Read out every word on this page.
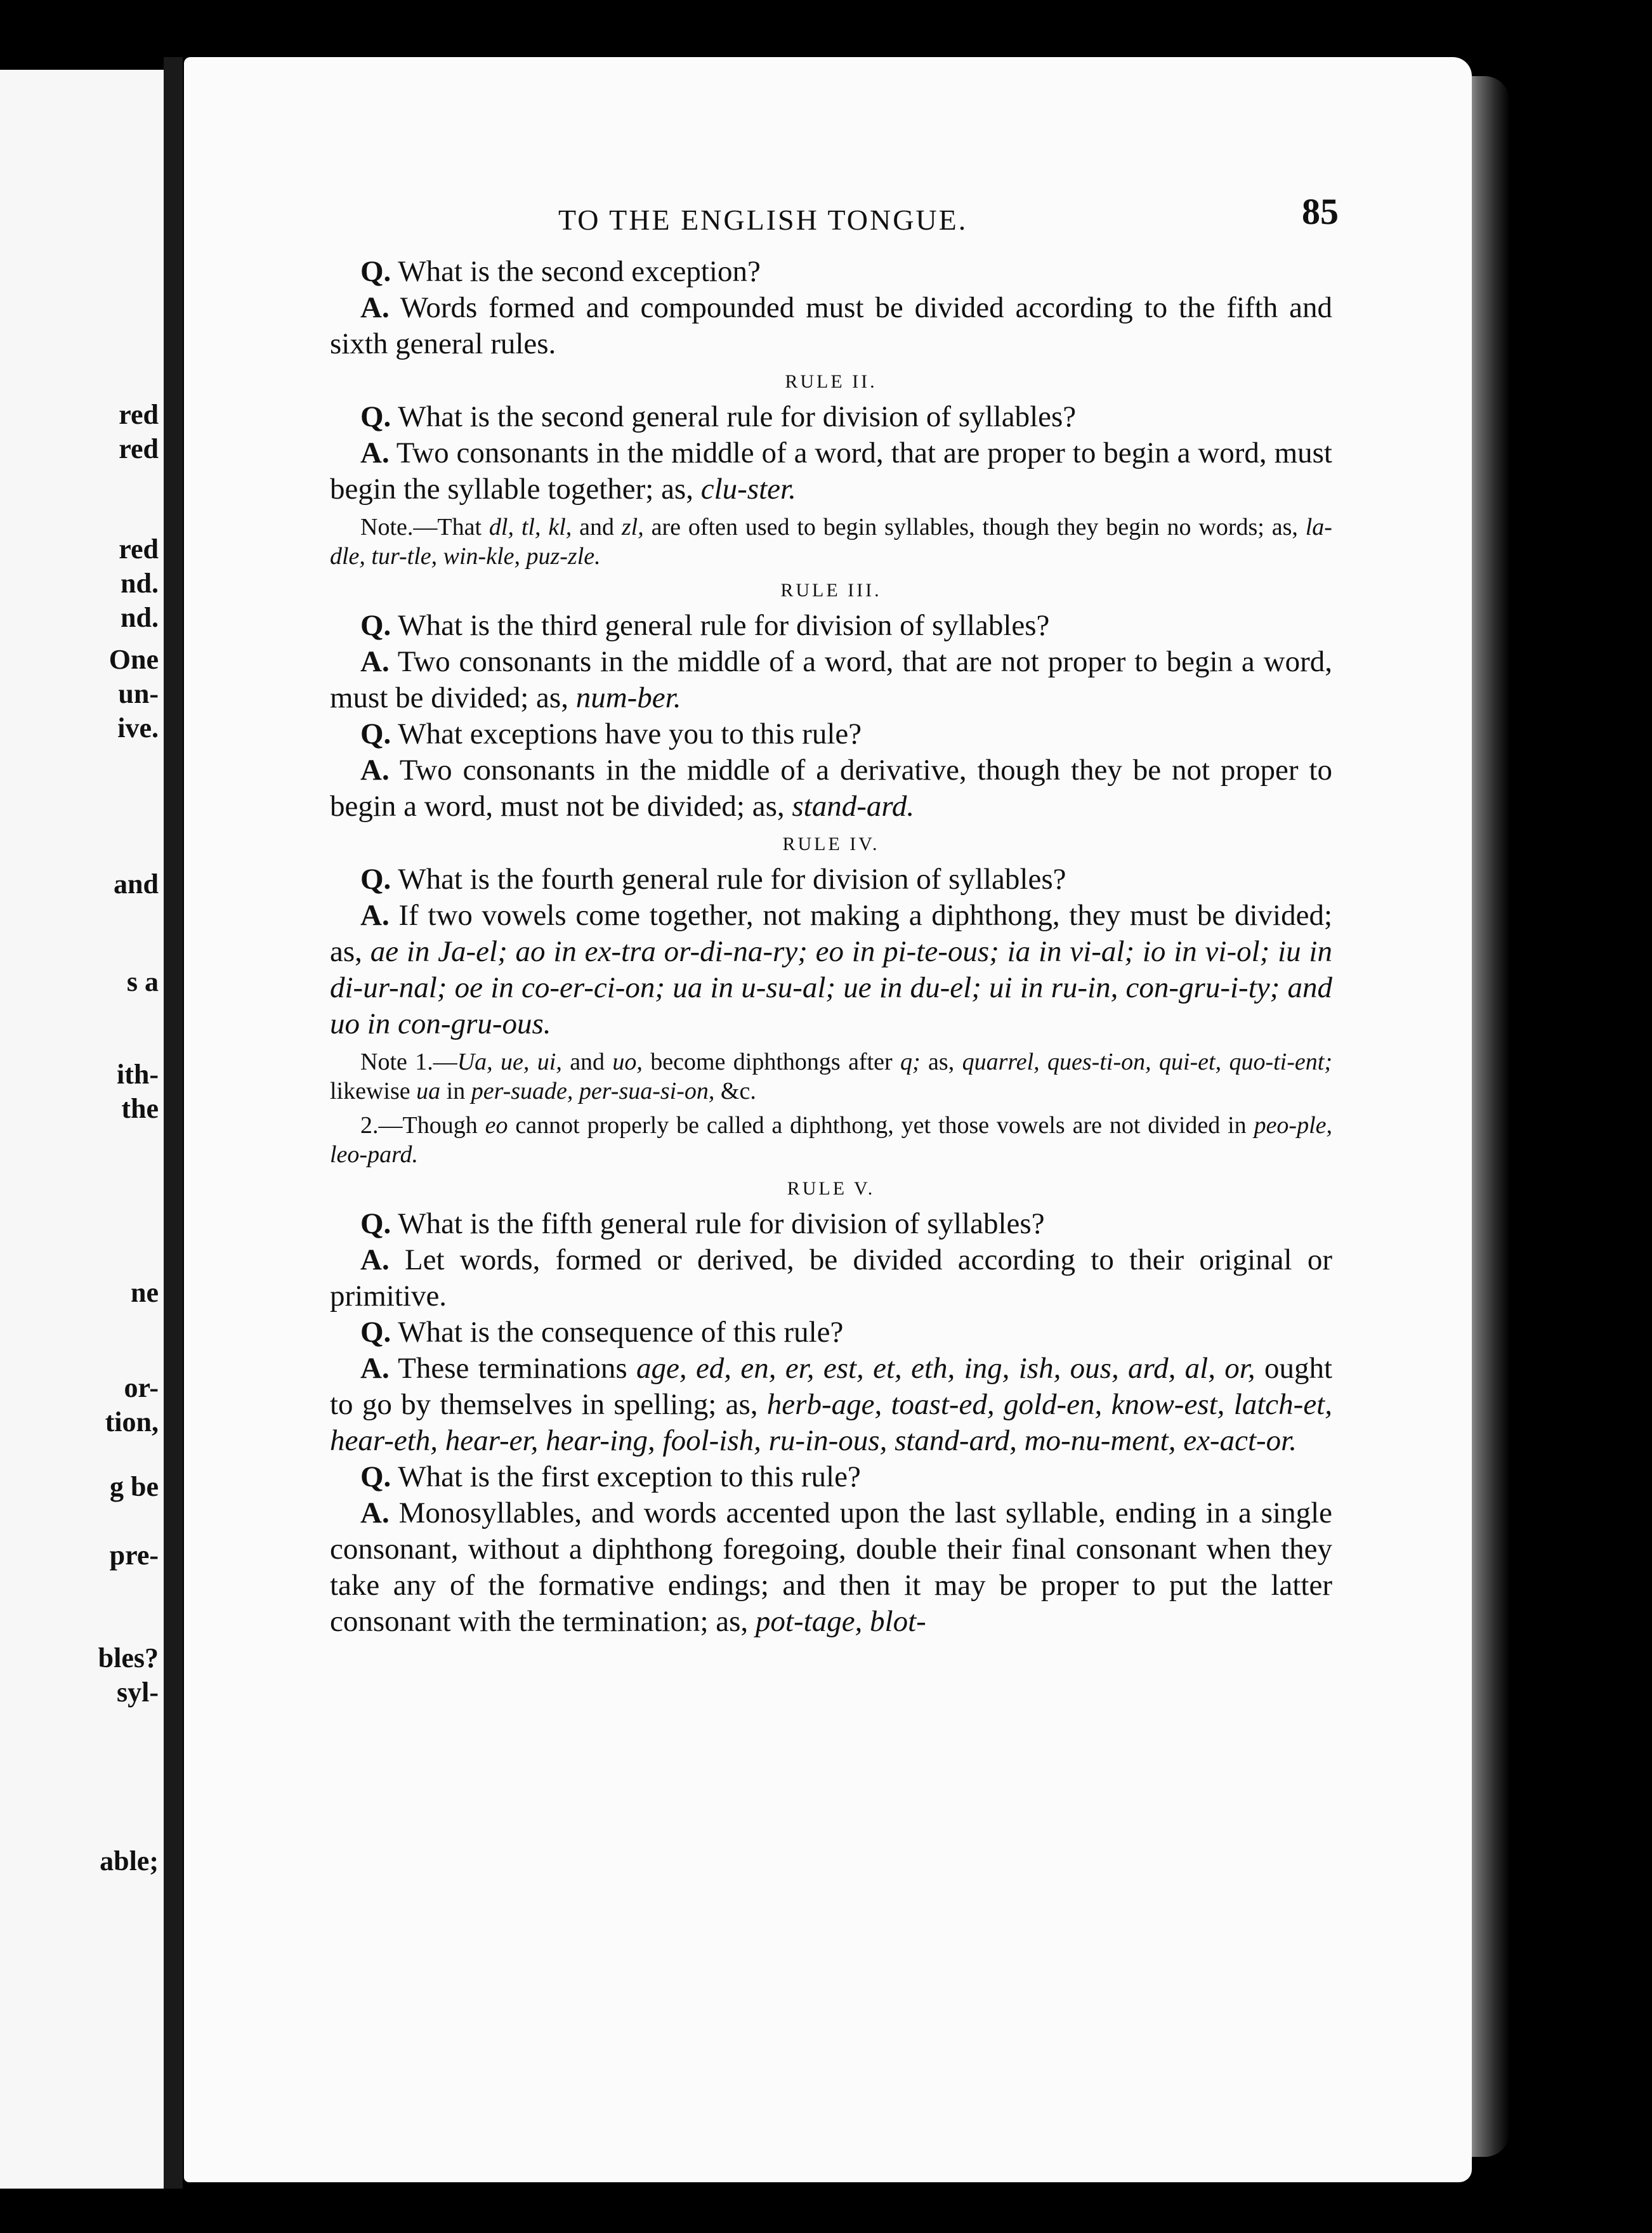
red
red
red
nd.
nd.
One
un-
ive.
and
s a
ith-
the
ne
or-
tion,
g be
pre-
bles?
syl-
able;
TO THE ENGLISH TONGUE.	85

Q. What is the second exception?

A. Words formed and compounded must be divided according to the fifth and sixth general rules.

RULE II.

Q. What is the second general rule for division of syllables?

A. Two consonants in the middle of a word, that are proper to begin a word, must begin the syllable together; as, clu-ster.

Note.—That dl, tl, kl, and zl, are often used to begin syllables, though they begin no words; as, la-dle, tur-tle, win-kle, puz-zle.

RULE III.

Q. What is the third general rule for division of syllables?

A. Two consonants in the middle of a word, that are not proper to begin a word, must be divided; as, num-ber.

Q. What exceptions have you to this rule?

A. Two consonants in the middle of a derivative, though they be not proper to begin a word, must not be divided; as, stand-ard.

RULE IV.

Q. What is the fourth general rule for division of syllables?

A. If two vowels come together, not making a diphthong, they must be divided; as, ae in Ja-el; ao in ex-tra or-di-na-ry; eo in pi-te-ous; ia in vi-al; io in vi-ol; iu in di-ur-nal; oe in co-er-ci-on; ua in u-su-al; ue in du-el; ui in ru-in, con-gru-i-ty; and uo in con-gru-ous.

Note 1.—Ua, ue, ui, and uo, become diphthongs after q; as, quarrel, ques-ti-on, qui-et, quo-ti-ent; likewise ua in per-suade, per-sua-si-on, &c.

2.—Though eo cannot properly be called a diphthong, yet those vowels are not divided in peo-ple, leo-pard.

RULE V.

Q. What is the fifth general rule for division of syllables?

A. Let words, formed or derived, be divided according to their original or primitive.

Q. What is the consequence of this rule?

A. These terminations age, ed, en, er, est, et, eth, ing, ish, ous, ard, al, or, ought to go by themselves in spelling; as, herb-age, toast-ed, gold-en, know-est, latch-et, hear-eth, hear-er, hear-ing, fool-ish, ru-in-ous, stand-ard, mo-nu-ment, ex-act-or.

Q. What is the first exception to this rule?

A. Monosyllables, and words accented upon the last syllable, ending in a single consonant, without a diphthong foregoing, double their final consonant when they take any of the formative endings; and then it may be proper to put the latter consonant with the termination; as, pot-tage, blot-
